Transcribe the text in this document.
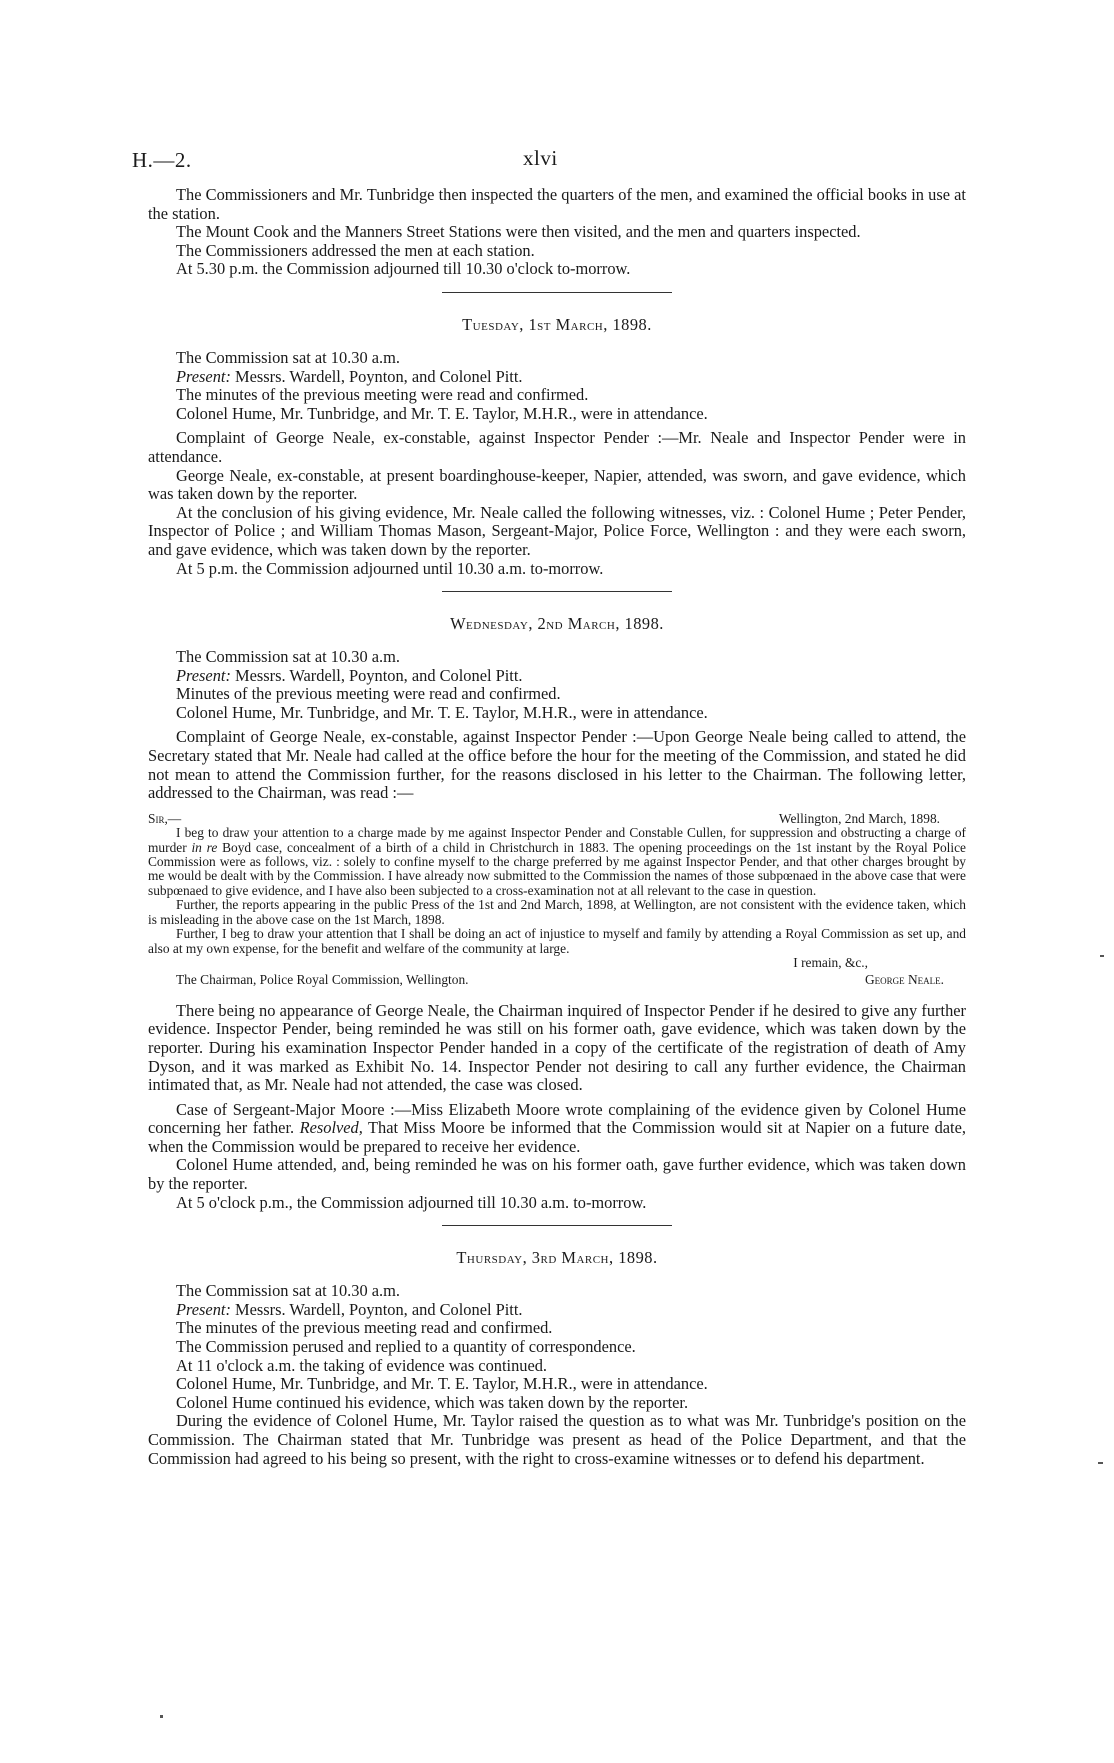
H.—2.	xlvi

The Commissioners and Mr. Tunbridge then inspected the quarters of the men, and examined the official books in use at the station.

The Mount Cook and the Manners Street Stations were then visited, and the men and quarters inspected.

The Commissioners addressed the men at each station.

At 5.30 p.m. the Commission adjourned till 10.30 o'clock to-morrow.

Tuesday, 1st March, 1898.

The Commission sat at 10.30 a.m.

Present: Messrs. Wardell, Poynton, and Colonel Pitt.

The minutes of the previous meeting were read and confirmed.

Colonel Hume, Mr. Tunbridge, and Mr. T. E. Taylor, M.H.R., were in attendance.

Complaint of George Neale, ex-constable, against Inspector Pender :—Mr. Neale and Inspector Pender were in attendance.

George Neale, ex-constable, at present boardinghouse-keeper, Napier, attended, was sworn, and gave evidence, which was taken down by the reporter.

At the conclusion of his giving evidence, Mr. Neale called the following witnesses, viz. : Colonel Hume ; Peter Pender, Inspector of Police ; and William Thomas Mason, Sergeant-Major, Police Force, Wellington : and they were each sworn, and gave evidence, which was taken down by the reporter.

At 5 p.m. the Commission adjourned until 10.30 a.m. to-morrow.

Wednesday, 2nd March, 1898.

The Commission sat at 10.30 a.m.

Present: Messrs. Wardell, Poynton, and Colonel Pitt.

Minutes of the previous meeting were read and confirmed.

Colonel Hume, Mr. Tunbridge, and Mr. T. E. Taylor, M.H.R., were in attendance.

Complaint of George Neale, ex-constable, against Inspector Pender :—Upon George Neale being called to attend, the Secretary stated that Mr. Neale had called at the office before the hour for the meeting of the Commission, and stated he did not mean to attend the Commission further, for the reasons disclosed in his letter to the Chairman. The following letter, addressed to the Chairman, was read :—

Sir,—	Wellington, 2nd March, 1898.

I beg to draw your attention to a charge made by me against Inspector Pender and Constable Cullen, for suppression and obstructing a charge of murder in re Boyd case, concealment of a birth of a child in Christchurch in 1883. The opening proceedings on the 1st instant by the Royal Police Commission were as follows, viz. : solely to confine myself to the charge preferred by me against Inspector Pender, and that other charges brought by me would be dealt with by the Commission. I have already now submitted to the Commission the names of those subpœnaed in the above case that were subpœnaed to give evidence, and I have also been subjected to a cross-examination not at all relevant to the case in question.

Further, the reports appearing in the public Press of the 1st and 2nd March, 1898, at Wellington, are not consistent with the evidence taken, which is misleading in the above case on the 1st March, 1898.

Further, I beg to draw your attention that I shall be doing an act of injustice to myself and family by attending a Royal Commission as set up, and also at my own expense, for the benefit and welfare of the community at large.

I remain, &c.,

The Chairman, Police Royal Commission, Wellington.	George Neale.

There being no appearance of George Neale, the Chairman inquired of Inspector Pender if he desired to give any further evidence. Inspector Pender, being reminded he was still on his former oath, gave evidence, which was taken down by the reporter. During his examination Inspector Pender handed in a copy of the certificate of the registration of death of Amy Dyson, and it was marked as Exhibit No. 14. Inspector Pender not desiring to call any further evidence, the Chairman intimated that, as Mr. Neale had not attended, the case was closed.

Case of Sergeant-Major Moore :—Miss Elizabeth Moore wrote complaining of the evidence given by Colonel Hume concerning her father. Resolved, That Miss Moore be informed that the Commission would sit at Napier on a future date, when the Commission would be prepared to receive her evidence.

Colonel Hume attended, and, being reminded he was on his former oath, gave further evidence, which was taken down by the reporter.

At 5 o'clock p.m., the Commission adjourned till 10.30 a.m. to-morrow.

Thursday, 3rd March, 1898.

The Commission sat at 10.30 a.m.

Present: Messrs. Wardell, Poynton, and Colonel Pitt.

The minutes of the previous meeting read and confirmed.

The Commission perused and replied to a quantity of correspondence.

At 11 o'clock a.m. the taking of evidence was continued.

Colonel Hume, Mr. Tunbridge, and Mr. T. E. Taylor, M.H.R., were in attendance.

Colonel Hume continued his evidence, which was taken down by the reporter.

During the evidence of Colonel Hume, Mr. Taylor raised the question as to what was Mr. Tunbridge's position on the Commission. The Chairman stated that Mr. Tunbridge was present as head of the Police Department, and that the Commission had agreed to his being so present, with the right to cross-examine witnesses or to defend his department.
